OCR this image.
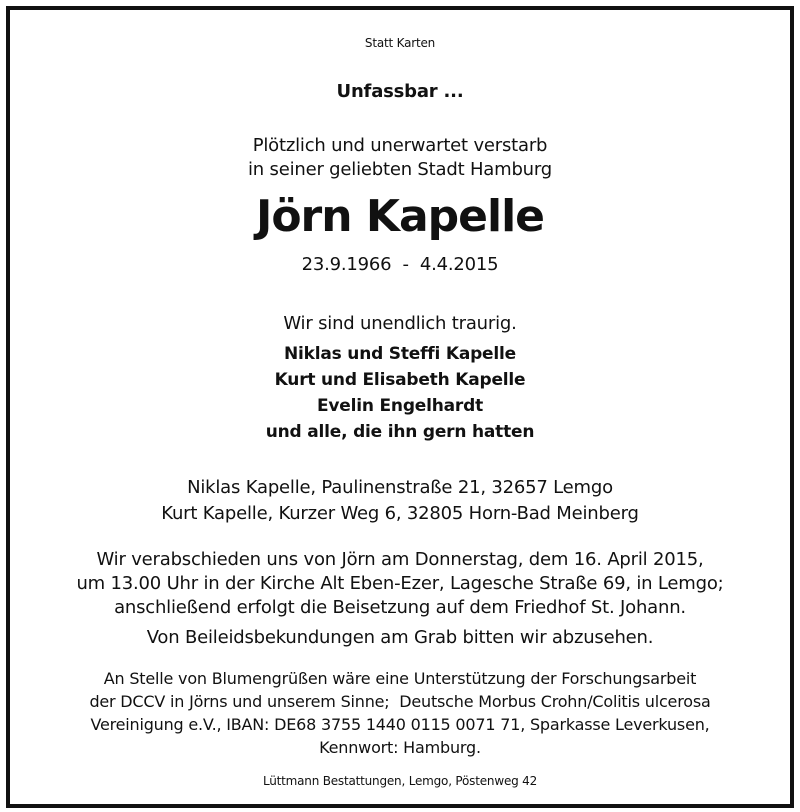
Statt Karten
Unfassbar ...
Plötzlich und unerwartet verstarb
in seiner geliebten Stadt Hamburg
Jörn Kapelle
23.9.1966  -  4.4.2015
Wir sind unendlich traurig.
Niklas und Steffi Kapelle
Kurt und Elisabeth Kapelle
Evelin Engelhardt
und alle, die ihn gern hatten
Niklas Kapelle, Paulinenstraße 21, 32657 Lemgo
Kurt Kapelle, Kurzer Weg 6, 32805 Horn-Bad Meinberg
Wir verabschieden uns von Jörn am Donnerstag, dem 16. April 2015,
um 13.00 Uhr in der Kirche Alt Eben-Ezer, Lagesche Straße 69, in Lemgo;
anschließend erfolgt die Beisetzung auf dem Friedhof St. Johann.
Von Beileidsbekundungen am Grab bitten wir abzusehen.
An Stelle von Blumengrüßen wäre eine Unterstützung der Forschungsarbeit
der DCCV in Jörns und unserem Sinne;  Deutsche Morbus Crohn/Colitis ulcerosa
Vereinigung e.V., IBAN: DE68 3755 1440 0115 0071 71, Sparkasse Leverkusen,
Kennwort: Hamburg.
Lüttmann Bestattungen, Lemgo, Pöstenweg 42
